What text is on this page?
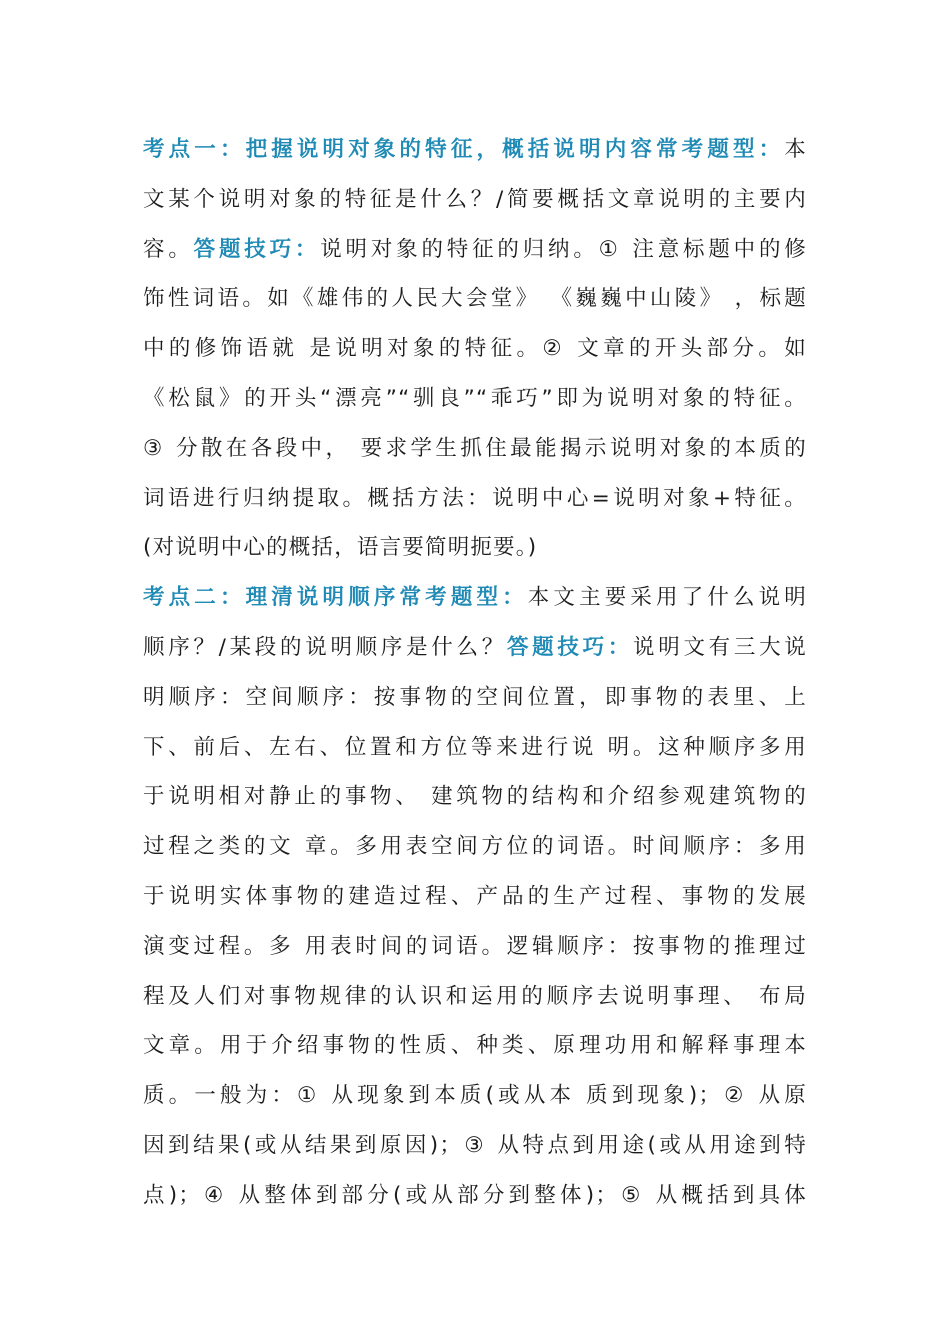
考点一：把握说明对象的特征，概括说明内容常考题型：本
文某个说明对象的特征是什么？/简要概括文章说明的主要内
容。答题技巧：说明对象的特征的归纳。① 注意标题中的修
饰性词语。如《雄伟的人民大会堂》 《巍巍中山陵》 ，标题
中的修饰语就 是说明对象的特征。② 文章的开头部分。如
《松鼠》的开头“漂亮”“驯良”“乖巧”即为说明对象的特征。
③ 分散在各段中， 要求学生抓住最能揭示说明对象的本质的
词语进行归纳提取。概括方法：说明中心=说明对象+特征。
(对说明中心的概括，语言要简明扼要。)
考点二：理清说明顺序常考题型：本文主要采用了什么说明
顺序？/某段的说明顺序是什么？答题技巧：说明文有三大说
明顺序：空间顺序：按事物的空间位置，即事物的表里、上
下、前后、左右、位置和方位等来进行说 明。这种顺序多用
于说明相对静止的事物、 建筑物的结构和介绍参观建筑物的
过程之类的文 章。多用表空间方位的词语。时间顺序：多用
于说明实体事物的建造过程、产品的生产过程、事物的发展
演变过程。多 用表时间的词语。逻辑顺序：按事物的推理过
程及人们对事物规律的认识和运用的顺序去说明事理、 布局
文章。用于介绍事物的性质、种类、原理功用和解释事理本
质。一般为：① 从现象到本质(或从本 质到现象)；② 从原
因到结果(或从结果到原因)；③ 从特点到用途(或从用途到特
点)；④ 从整体到部分(或从部分到整体)；⑤ 从概括到具体
